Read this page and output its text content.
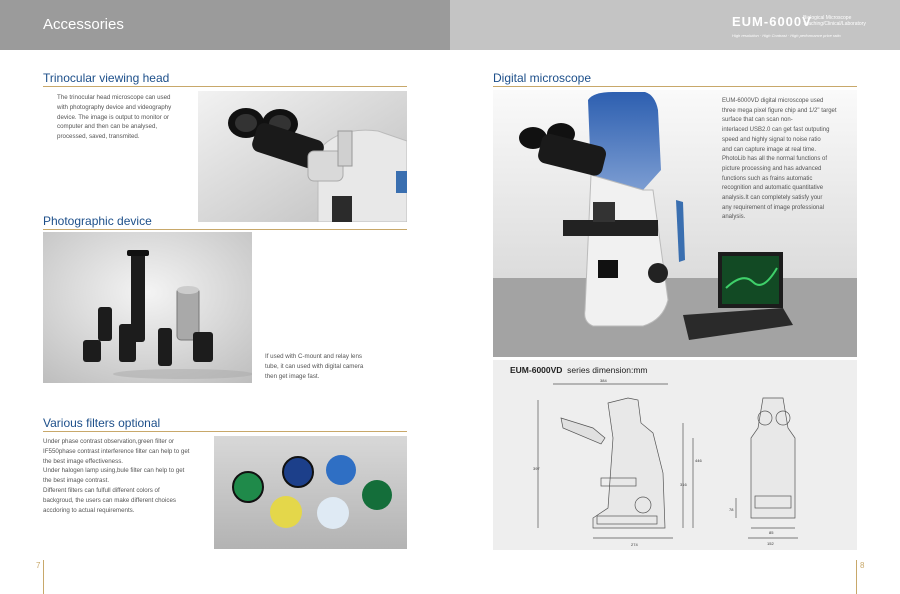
Accessories	EUM-6000V
Biological Microscope
Teaching/Clinical/Laboratory
High resolution · High Contrast · High performance price ratio
Trinocular viewing head
The trinocular head microscope can used
with photography device and videography
device. The image is output to monitor or
computer and then can be analysed,
processed, saved, transmited.
Photographic device
If used with C-mount and relay lens
tube, it can used with digital camera
then get image fast.
Various filters optional
Under phase contrast observation,green filter or
IF550phase contrast interference filter can help to get
the best image effectiveness.
Under halogen lamp using,bule filter can help to get
the best image contrast.
Different filters can fulfull different colors of
backgroud, the users can make different choices
accdoring to actual requirements.
7
Digital microscope
EUM-6000VD digital microscope used
three mega pixel figure chip and 1/2" target
surface that can scan non-
interlaced USB2.0 can get fast outputing
speed and highly signal to noise ratio
and can capture image at real time.
PhotoLib has all the normal functions of
picture processing and has advanced
functions such as frains automatic
recognition and automatic quantitative
analysis.It can completely satisfy your
any requirement of image professional
analysis.
EUM-6000VD series dimension:mm
384
397
446
316
274
78
85
152
8
